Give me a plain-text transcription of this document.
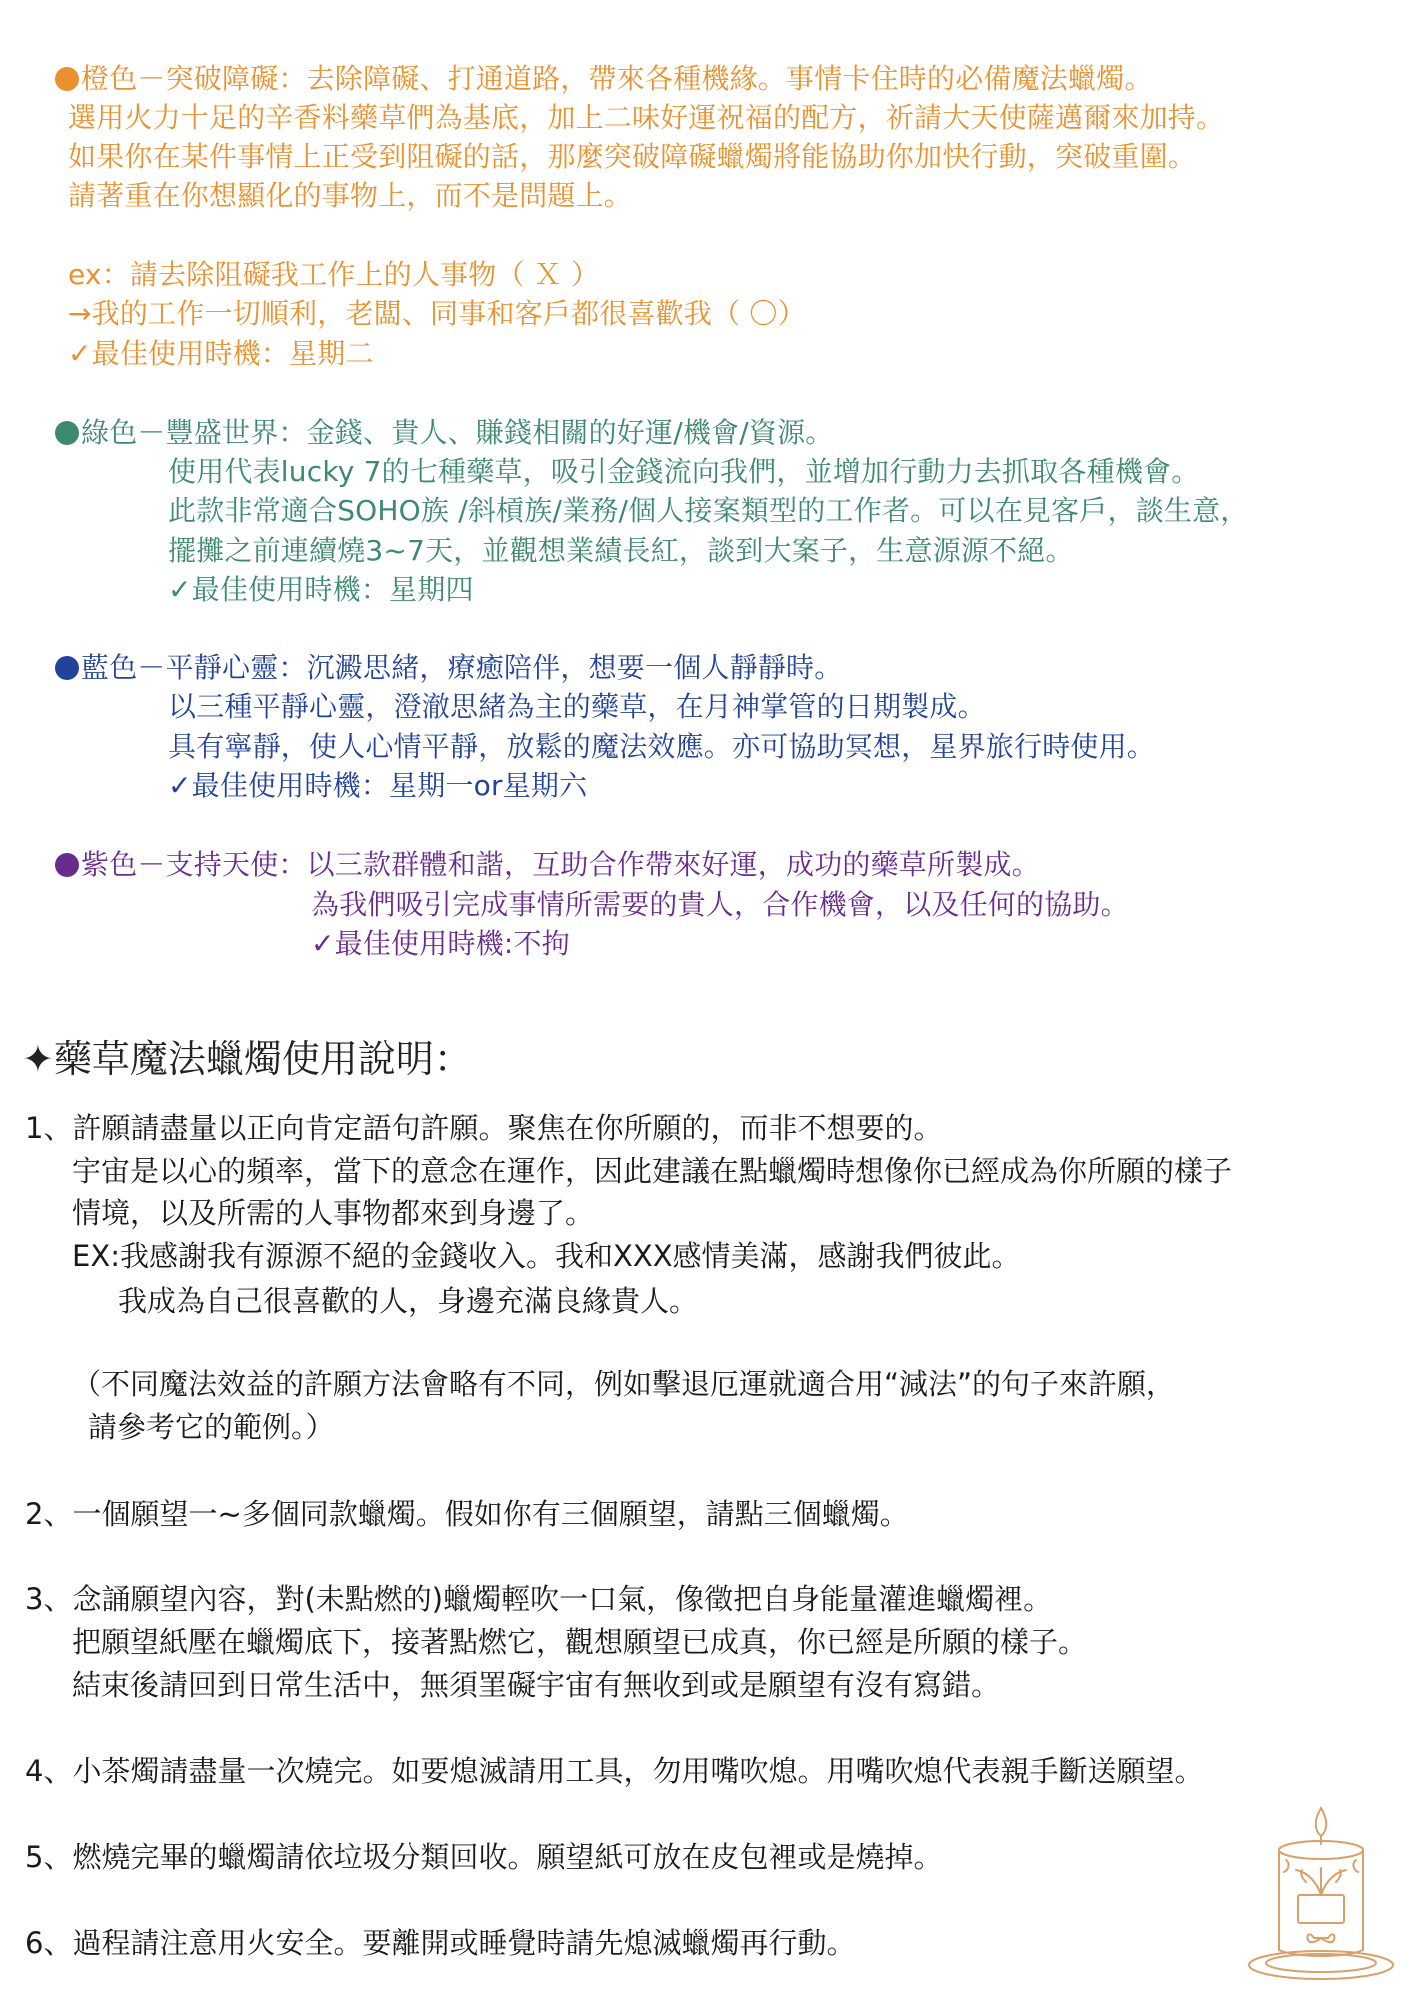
橙色－突破障礙：去除障礙、打通道路，帶來各種機緣。事情卡住時的必備魔法蠟燭。
選用火力十足的辛香料藥草們為基底，加上二味好運祝福的配方，祈請大天使薩邁爾來加持。
如果你在某件事情上正受到阻礙的話，那麼突破障礙蠟燭將能協助你加快行動，突破重圍。
請著重在你想顯化的事物上，而不是問題上。
ex：請去除阻礙我工作上的人事物（ Ｘ ）
→我的工作一切順利，老闆、同事和客戶都很喜歡我（ 〇）
✓最佳使用時機：星期二
綠色－豐盛世界：金錢、貴人、賺錢相關的好運/機會/資源。
使用代表lucky 7的七種藥草，吸引金錢流向我們，並增加行動力去抓取各種機會。
此款非常適合SOHO族 /斜槓族/業務/個人接案類型的工作者。可以在見客戶，談生意，
擺攤之前連續燒3~7天，並觀想業績長紅，談到大案子，生意源源不絕。
✓最佳使用時機：星期四
藍色－平靜心靈：沉澱思緒，療癒陪伴，想要一個人靜靜時。
以三種平靜心靈，澄澈思緒為主的藥草，在月神掌管的日期製成。
具有寧靜，使人心情平靜，放鬆的魔法效應。亦可協助冥想，星界旅行時使用。
✓最佳使用時機：星期一or星期六
紫色－支持天使：以三款群體和諧，互助合作帶來好運，成功的藥草所製成。
為我們吸引完成事情所需要的貴人，合作機會，以及任何的協助。
✓最佳使用時機:不拘
✦藥草魔法蠟燭使用說明：
1、許願請盡量以正向肯定語句許願。聚焦在你所願的，而非不想要的。
宇宙是以心的頻率，當下的意念在運作，因此建議在點蠟燭時想像你已經成為你所願的樣子
情境，以及所需的人事物都來到身邊了。
EX:我感謝我有源源不絕的金錢收入。我和XXX感情美滿，感謝我們彼此。
我成為自己很喜歡的人，身邊充滿良緣貴人。
（不同魔法效益的許願方法會略有不同，例如擊退厄運就適合用“減法”的句子來許願，
請參考它的範例。）
2、一個願望一~多個同款蠟燭。假如你有三個願望，請點三個蠟燭。
3、念誦願望內容，對(未點燃的)蠟燭輕吹一口氣，像徵把自身能量灌進蠟燭裡。
把願望紙壓在蠟燭底下，接著點燃它，觀想願望已成真，你已經是所願的樣子。
結束後請回到日常生活中，無須罣礙宇宙有無收到或是願望有沒有寫錯。
4、小茶燭請盡量一次燒完。如要熄滅請用工具，勿用嘴吹熄。用嘴吹熄代表親手斷送願望。
5、燃燒完畢的蠟燭請依垃圾分類回收。願望紙可放在皮包裡或是燒掉。
6、過程請注意用火安全。要離開或睡覺時請先熄滅蠟燭再行動。
